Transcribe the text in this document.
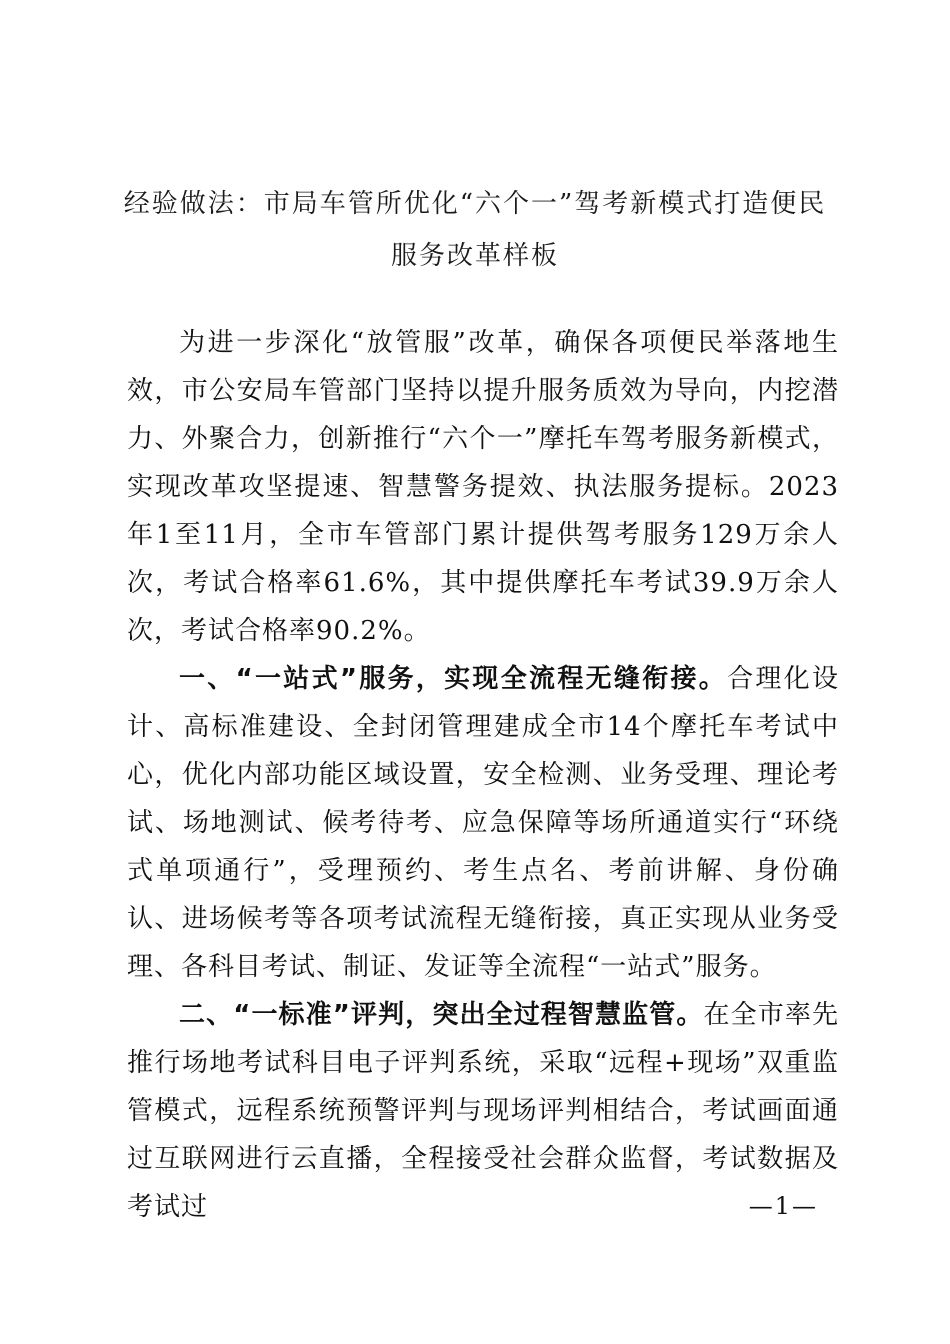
经验做法：市局车管所优化“六个一”驾考新模式打造便民服务改革样板

为进一步深化“放管服”改革，确保各项便民举落地生效，市公安局车管部门坚持以提升服务质效为导向，内挖潜力、外聚合力，创新推行“六个一”摩托车驾考服务新模式，实现改革攻坚提速、智慧警务提效、执法服务提标。2023年1至11月，全市车管部门累计提供驾考服务129万余人次，考试合格率61.6%，其中提供摩托车考试39.9万余人次，考试合格率90.2%。

一、“一站式”服务，实现全流程无缝衔接。合理化设计、高标准建设、全封闭管理建成全市14个摩托车考试中心，优化内部功能区域设置，安全检测、业务受理、理论考试、场地测试、候考待考、应急保障等场所通道实行“环绕式单项通行”，受理预约、考生点名、考前讲解、身份确认、进场候考等各项考试流程无缝衔接，真正实现从业务受理、各科目考试、制证、发证等全流程“一站式”服务。

二、“一标准”评判，突出全过程智慧监管。在全市率先推行场地考试科目电子评判系统，采取“远程+现场”双重监管模式，远程系统预警评判与现场评判相结合，考试画面通过互联网进行云直播，全程接受社会群众监督，考试数据及考试过	—1—
